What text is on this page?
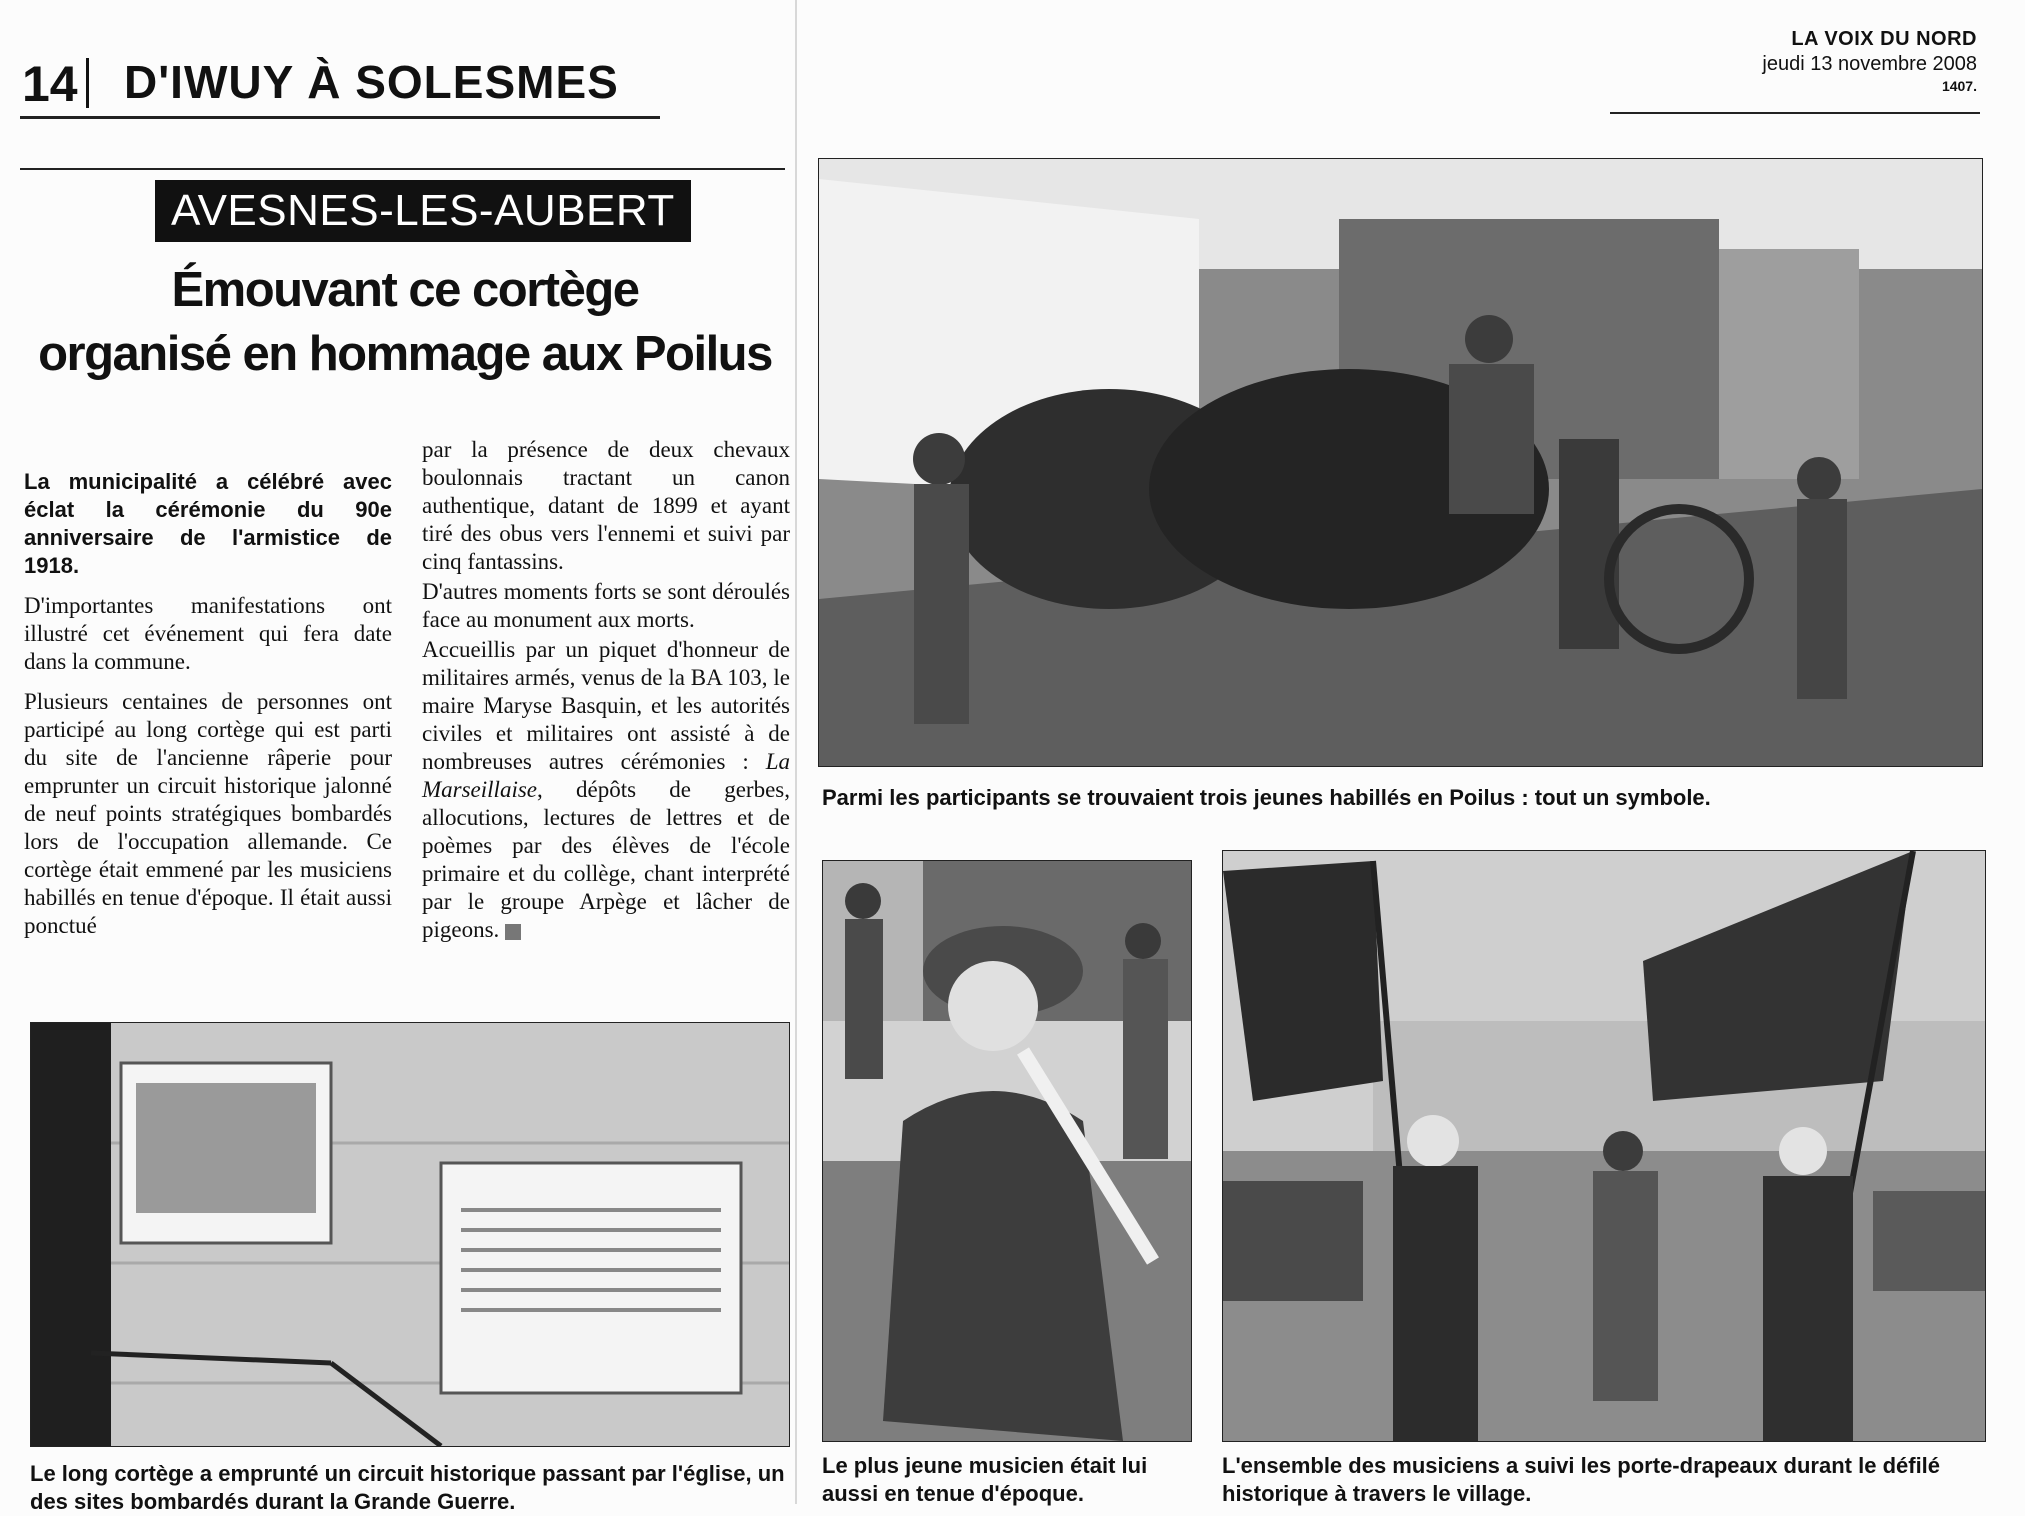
14 D'IWUY À SOLESMES
LA VOIX DU NORD
jeudi 13 novembre 2008
1407.
AVESNES-LES-AUBERT
Émouvant ce cortège
organisé en hommage aux Poilus

La municipalité a célébré avec éclat la cérémonie du 90e anniversaire de l'armistice de 1918.

D'importantes manifestations ont illustré cet événement qui fera date dans la commune.

Plusieurs centaines de personnes ont participé au long cortège qui est parti du site de l'ancienne râperie pour emprunter un circuit historique jalonné de neuf points stratégiques bombardés lors de l'occupation allemande. Ce cortège était emmené par les musiciens habillés en tenue d'époque. Il était aussi ponctué

par la présence de deux chevaux boulonnais tractant un canon authentique, datant de 1899 et ayant tiré des obus vers l'ennemi et suivi par cinq fantassins.

D'autres moments forts se sont déroulés face au monument aux morts.

Accueillis par un piquet d'honneur de militaires armés, venus de la BA 103, le maire Maryse Basquin, et les autorités civiles et militaires ont assisté à de nombreuses autres cérémonies : La Marseillaise, dépôts de gerbes, allocutions, lectures de lettres et de poèmes par des élèves de l'école primaire et du collège, chant interprété par le groupe Arpège et lâcher de pigeons.

Parmi les participants se trouvaient trois jeunes habillés en Poilus : tout un symbole.
Le long cortège a emprunté un circuit historique passant par l'église, un des sites bombardés durant la Grande Guerre.
Le plus jeune musicien était lui aussi en tenue d'époque.
L'ensemble des musiciens a suivi les porte-drapeaux durant le défilé historique à travers le village.
